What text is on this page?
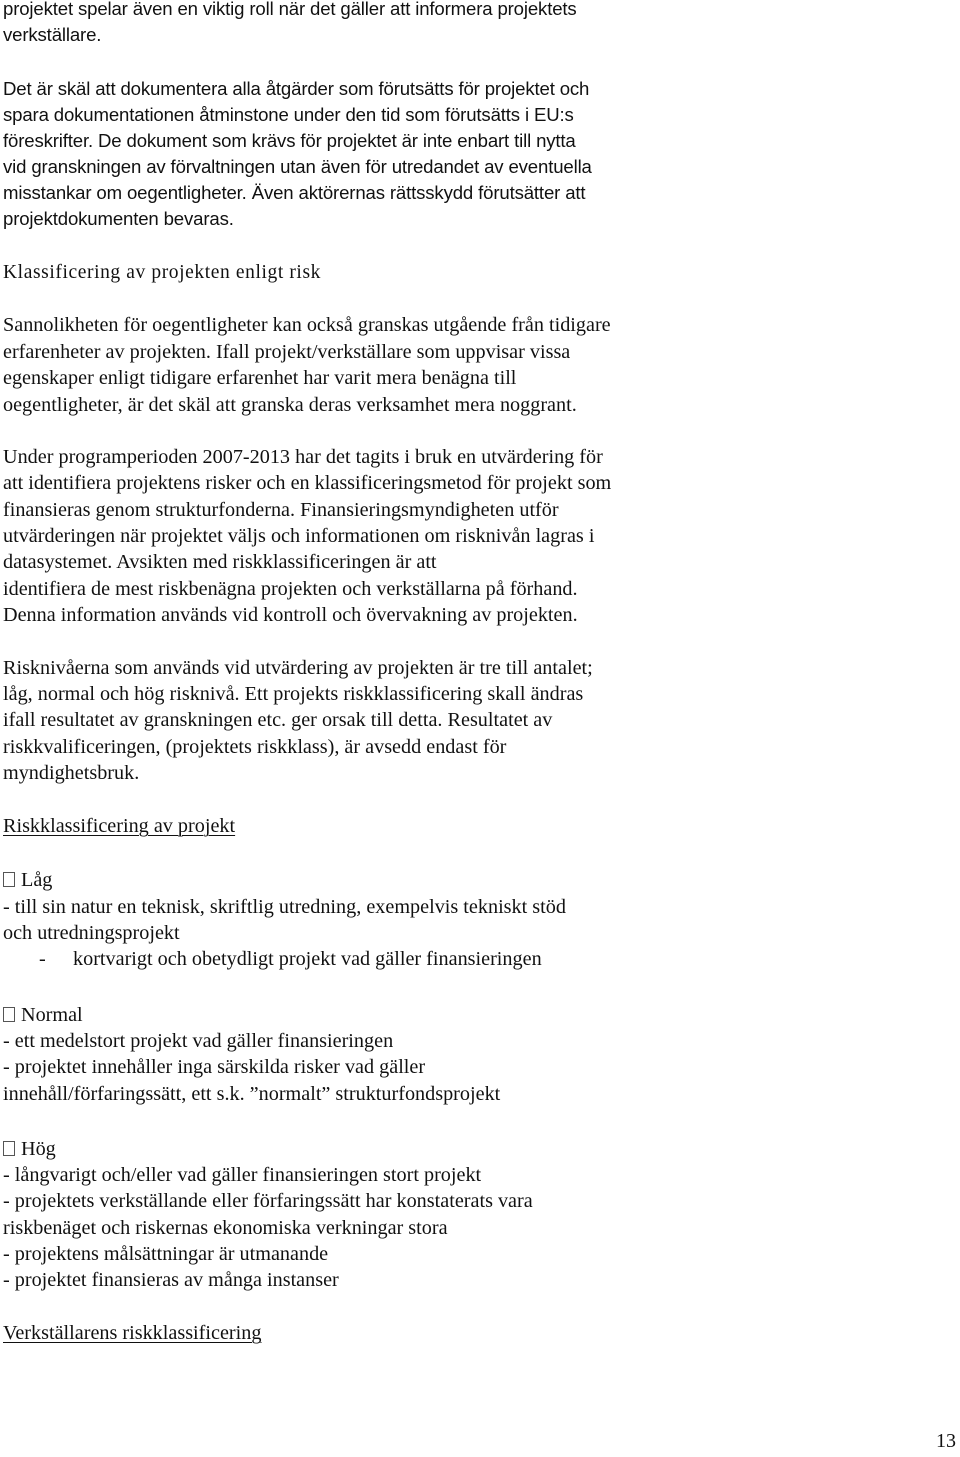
projektet spelar även en viktig roll när det gäller att informera projektets
verkställare.
Det är skäl att dokumentera alla åtgärder som förutsätts för projektet och
spara dokumentationen åtminstone under den tid som förutsätts i EU:s
föreskrifter. De dokument som krävs för projektet är inte enbart till nytta
vid granskningen av förvaltningen utan även för utredandet av eventuella
misstankar om oegentligheter. Även aktörernas rättsskydd förutsätter att
projektdokumenten bevaras.
Klassificering av projekten enligt risk
Sannolikheten för oegentligheter kan också granskas utgående från tidigare
erfarenheter av projekten. Ifall projekt/verkställare som uppvisar vissa
egenskaper enligt tidigare erfarenhet har varit mera benägna till
oegentligheter, är det skäl att granska deras verksamhet mera noggrant.
Under programperioden 2007-2013 har det tagits i bruk en utvärdering för
att identifiera projektens risker och en klassificeringsmetod för projekt som
finansieras genom strukturfonderna. Finansieringsmyndigheten utför
utvärderingen när projektet väljs och informationen om risknivån lagras i
datasystemet. Avsikten med riskklassificeringen är att
identifiera de mest riskbenägna projekten och verkställarna på förhand.
Denna information används vid kontroll och övervakning av projekten.
Risknivåerna som används vid utvärdering av projekten är tre till antalet;
låg, normal och hög risknivå. Ett projekts riskklassificering skall ändras
ifall resultatet av granskningen etc. ger orsak till detta. Resultatet av
riskkvalificeringen, (projektets riskklass), är avsedd endast för
myndighetsbruk.
Riskklassificering av projekt
Låg
- till sin natur en teknisk, skriftlig utredning, exempelvis tekniskt stöd
och utredningsprojekt
- kortvarigt och obetydligt projekt vad gäller finansieringen
Normal
- ett medelstort projekt vad gäller finansieringen
- projektet innehåller inga särskilda risker vad gäller
innehåll/förfaringssätt, ett s.k. ”normalt” strukturfondsprojekt
Hög
- långvarigt och/eller vad gäller finansieringen stort projekt
- projektets verkställande eller förfaringssätt har konstaterats vara
riskbenäget och riskernas ekonomiska verkningar stora
- projektens målsättningar är utmanande
- projektet finansieras av många instanser
Verkställarens riskklassificering
13
